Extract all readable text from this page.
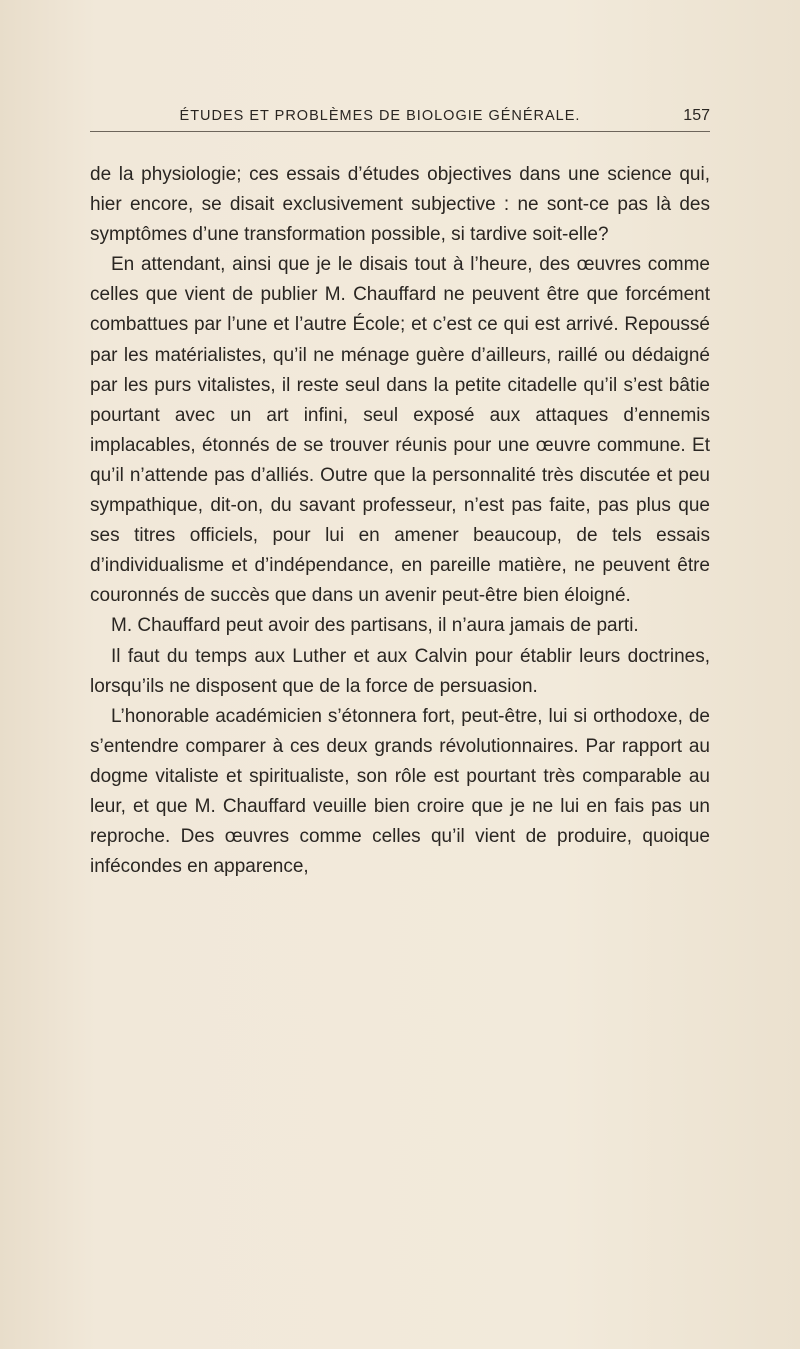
ÉTUDES ET PROBLÈMES DE BIOLOGIE GÉNÉRALE.	157

de la physiologie; ces essais d’études objectives dans une science qui, hier encore, se disait exclusivement subjective : ne sont-ce pas là des symptômes d’une transformation possible, si tardive soit-elle?

En attendant, ainsi que je le disais tout à l’heure, des œuvres comme celles que vient de publier M. Chauffard ne peuvent être que forcément combattues par l’une et l’autre École; et c’est ce qui est arrivé. Repoussé par les matérialistes, qu’il ne ménage guère d’ailleurs, raillé ou dédaigné par les purs vitalistes, il reste seul dans la petite citadelle qu’il s’est bâtie pourtant avec un art infini, seul exposé aux attaques d’ennemis implacables, étonnés de se trouver réunis pour une œuvre commune. Et qu’il n’attende pas d’alliés. Outre que la personnalité très discutée et peu sympathique, dit-on, du savant professeur, n’est pas faite, pas plus que ses titres officiels, pour lui en amener beaucoup, de tels essais d’individualisme et d’indépendance, en pareille matière, ne peuvent être couronnés de succès que dans un avenir peut-être bien éloigné.

M. Chauffard peut avoir des partisans, il n’aura jamais de parti.

Il faut du temps aux Luther et aux Calvin pour établir leurs doctrines, lorsqu’ils ne disposent que de la force de persuasion.

L’honorable académicien s’étonnera fort, peut-être, lui si orthodoxe, de s’entendre comparer à ces deux grands révolutionnaires. Par rapport au dogme vitaliste et spiritualiste, son rôle est pourtant très comparable au leur, et que M. Chauffard veuille bien croire que je ne lui en fais pas un reproche. Des œuvres comme celles qu’il vient de produire, quoique infécondes en apparence,
